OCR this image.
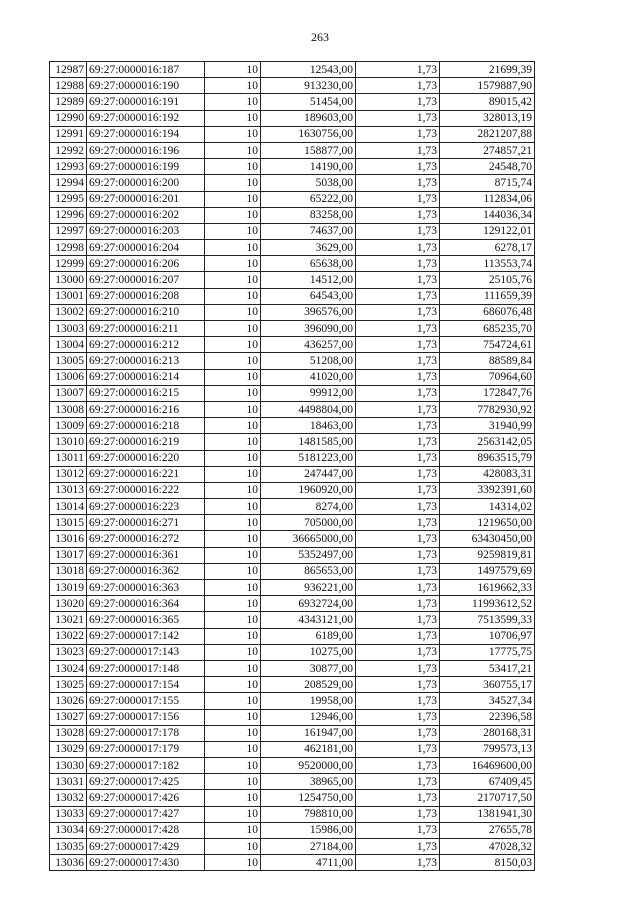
263
12987	69:27:0000016:187	10	12543,00	1,73	21699,39
12988	69:27:0000016:190	10	913230,00	1,73	1579887,90
12989	69:27:0000016:191	10	51454,00	1,73	89015,42
12990	69:27:0000016:192	10	189603,00	1,73	328013,19
12991	69:27:0000016:194	10	1630756,00	1,73	2821207,88
12992	69:27:0000016:196	10	158877,00	1,73	274857,21
12993	69:27:0000016:199	10	14190,00	1,73	24548,70
12994	69:27:0000016:200	10	5038,00	1,73	8715,74
12995	69:27:0000016:201	10	65222,00	1,73	112834,06
12996	69:27:0000016:202	10	83258,00	1,73	144036,34
12997	69:27:0000016:203	10	74637,00	1,73	129122,01
12998	69:27:0000016:204	10	3629,00	1,73	6278,17
12999	69:27:0000016:206	10	65638,00	1,73	113553,74
13000	69:27:0000016:207	10	14512,00	1,73	25105,76
13001	69:27:0000016:208	10	64543,00	1,73	111659,39
13002	69:27:0000016:210	10	396576,00	1,73	686076,48
13003	69:27:0000016:211	10	396090,00	1,73	685235,70
13004	69:27:0000016:212	10	436257,00	1,73	754724,61
13005	69:27:0000016:213	10	51208,00	1,73	88589,84
13006	69:27:0000016:214	10	41020,00	1,73	70964,60
13007	69:27:0000016:215	10	99912,00	1,73	172847,76
13008	69:27:0000016:216	10	4498804,00	1,73	7782930,92
13009	69:27:0000016:218	10	18463,00	1,73	31940,99
13010	69:27:0000016:219	10	1481585,00	1,73	2563142,05
13011	69:27:0000016:220	10	5181223,00	1,73	8963515,79
13012	69:27:0000016:221	10	247447,00	1,73	428083,31
13013	69:27:0000016:222	10	1960920,00	1,73	3392391,60
13014	69:27:0000016:223	10	8274,00	1,73	14314,02
13015	69:27:0000016:271	10	705000,00	1,73	1219650,00
13016	69:27:0000016:272	10	36665000,00	1,73	63430450,00
13017	69:27:0000016:361	10	5352497,00	1,73	9259819,81
13018	69:27:0000016:362	10	865653,00	1,73	1497579,69
13019	69:27:0000016:363	10	936221,00	1,73	1619662,33
13020	69:27:0000016:364	10	6932724,00	1,73	11993612,52
13021	69:27:0000016:365	10	4343121,00	1,73	7513599,33
13022	69:27:0000017:142	10	6189,00	1,73	10706,97
13023	69:27:0000017:143	10	10275,00	1,73	17775,75
13024	69:27:0000017:148	10	30877,00	1,73	53417,21
13025	69:27:0000017:154	10	208529,00	1,73	360755,17
13026	69:27:0000017:155	10	19958,00	1,73	34527,34
13027	69:27:0000017:156	10	12946,00	1,73	22396,58
13028	69:27:0000017:178	10	161947,00	1,73	280168,31
13029	69:27:0000017:179	10	462181,00	1,73	799573,13
13030	69:27:0000017:182	10	9520000,00	1,73	16469600,00
13031	69:27:0000017:425	10	38965,00	1,73	67409,45
13032	69:27:0000017:426	10	1254750,00	1,73	2170717,50
13033	69:27:0000017:427	10	798810,00	1,73	1381941,30
13034	69:27:0000017:428	10	15986,00	1,73	27655,78
13035	69:27:0000017:429	10	27184,00	1,73	47028,32
13036	69:27:0000017:430	10	4711,00	1,73	8150,03
